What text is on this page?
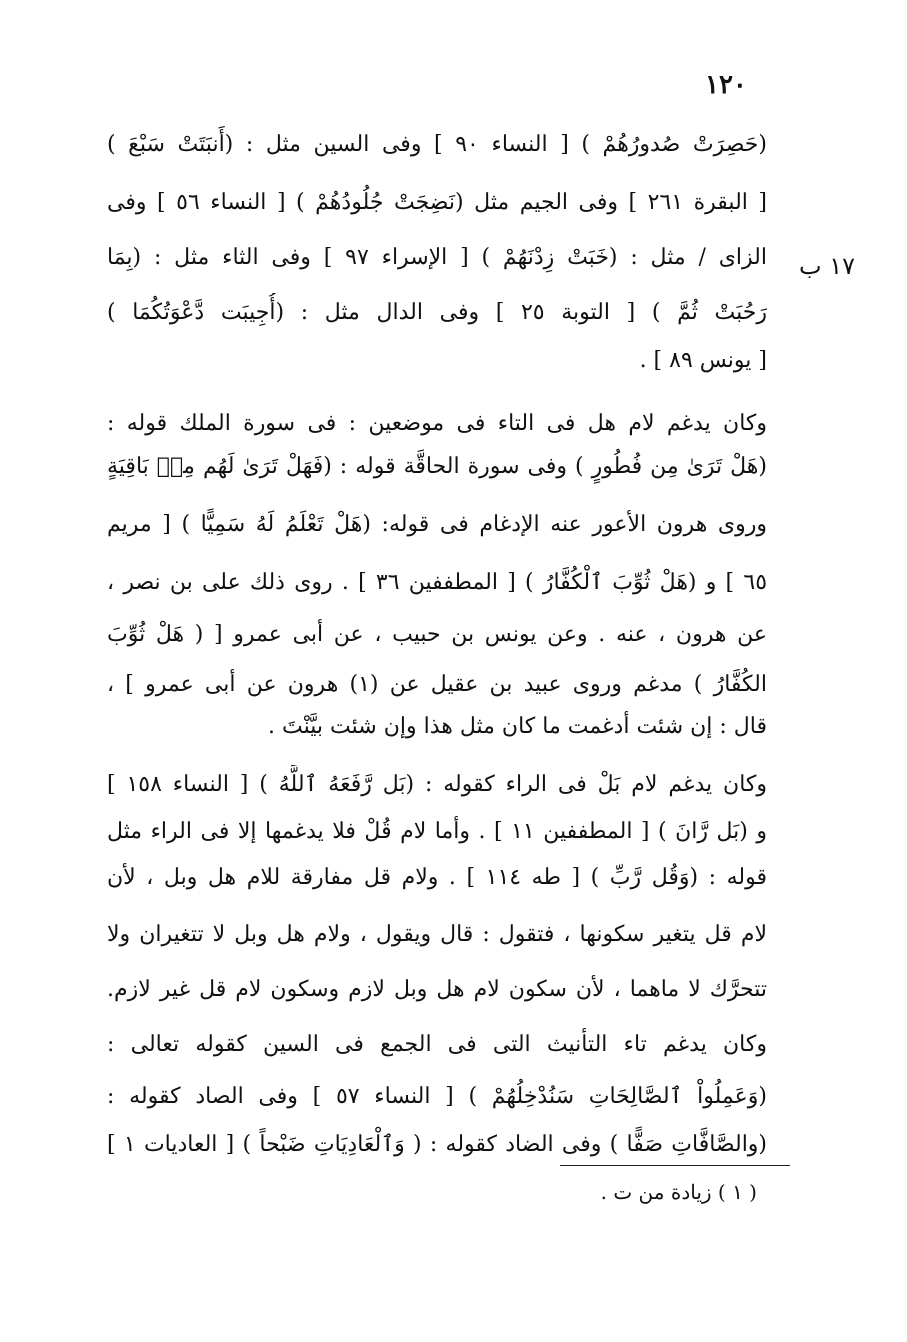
١٢٠
١٧ ب
(حَصِرَتْ صُدورُهُمْ ) [ النساء ٩٠ ] وفى السين مثل : (أَنبَتَتْ سَبْعَ )
[ البقرة ٢٦١ ] وفى الجيم مثل (نَضِجَتْ جُلُودُهُمْ ) [ النساء ٥٦ ] وفى
الزاى / مثل : (خَبَتْ زِدْنَهُمْ ) [ الإسراء ٩٧ ] وفى الثاء مثل : (بِمَا
رَحُبَتْ ثُمَّ ) [ التوبة ٢٥ ] وفى الدال مثل : (أُجِيبَت دَّعْوَتُكُمَا )
[ يونس ٨٩ ] .
وكان يدغم لام هل فى التاء فى موضعين : فى سورة الملك قوله :
(هَلْ تَرَىٰ مِن فُطُورٍ ) وفى سورة الحاقَّة قوله : (فَهَلْ تَرَىٰ لَهُم مِنۢ بَاقِيَةٍ
وروى هرون الأعور عنه الإدغام فى قوله: (هَلْ تَعْلَمُ لَهُ سَمِيًّا ) [ مريم
٦٥ ] و (هَلْ ثُوِّبَ ٱلْكُفَّارُ ) [ المطففين ٣٦ ] . روى ذلك على بن نصر ،
عن هرون ، عنه . وعن يونس بن حبيب ، عن أبى عمرو [ ( هَلْ ثُوِّبَ
الكُفَّارُ ) مدغم وروى عبيد بن عقيل عن (١) هرون عن أبى عمرو ] ،
قال : إن شئت أدغمت ما كان مثل هذا وإن شئت بيَّنْتَ .
وكان يدغم لام بَلْ فى الراء كقوله : (بَل رَّفَعَهُ ٱللَّهُ ) [ النساء ١٥٨ ]
و (بَل رَّانَ ) [ المطففين ١١ ] . وأما لام قُلْ فلا يدغمها إلا فى الراء مثل
قوله : (وَقُل رَّبِّ ) [ طه ١١٤ ] . ولام قل مفارقة للام هل وبل ، لأن
لام قل يتغير سكونها ، فتقول : قال ويقول ، ولام هل وبل لا تتغيران ولا
تتحرَّك لا ماهما ، لأن سكون لام هل وبل لازم وسكون لام قل غير لازم.
وكان يدغم تاء التأنيث التى فى الجمع فى السين كقوله تعالى :
(وَعَمِلُواْ ٱلصَّالِحَاتِ سَنُدْخِلُهُمْ ) [ النساء ٥٧ ] وفى الصاد كقوله :
(والصَّافَّاتِ صَفًّا ) وفى الضاد كقوله : ( وَٱلْعَادِيَاتِ ضَبْحاً ) [ العاديات ١ ]
( ١ ) زيادة من ت .
